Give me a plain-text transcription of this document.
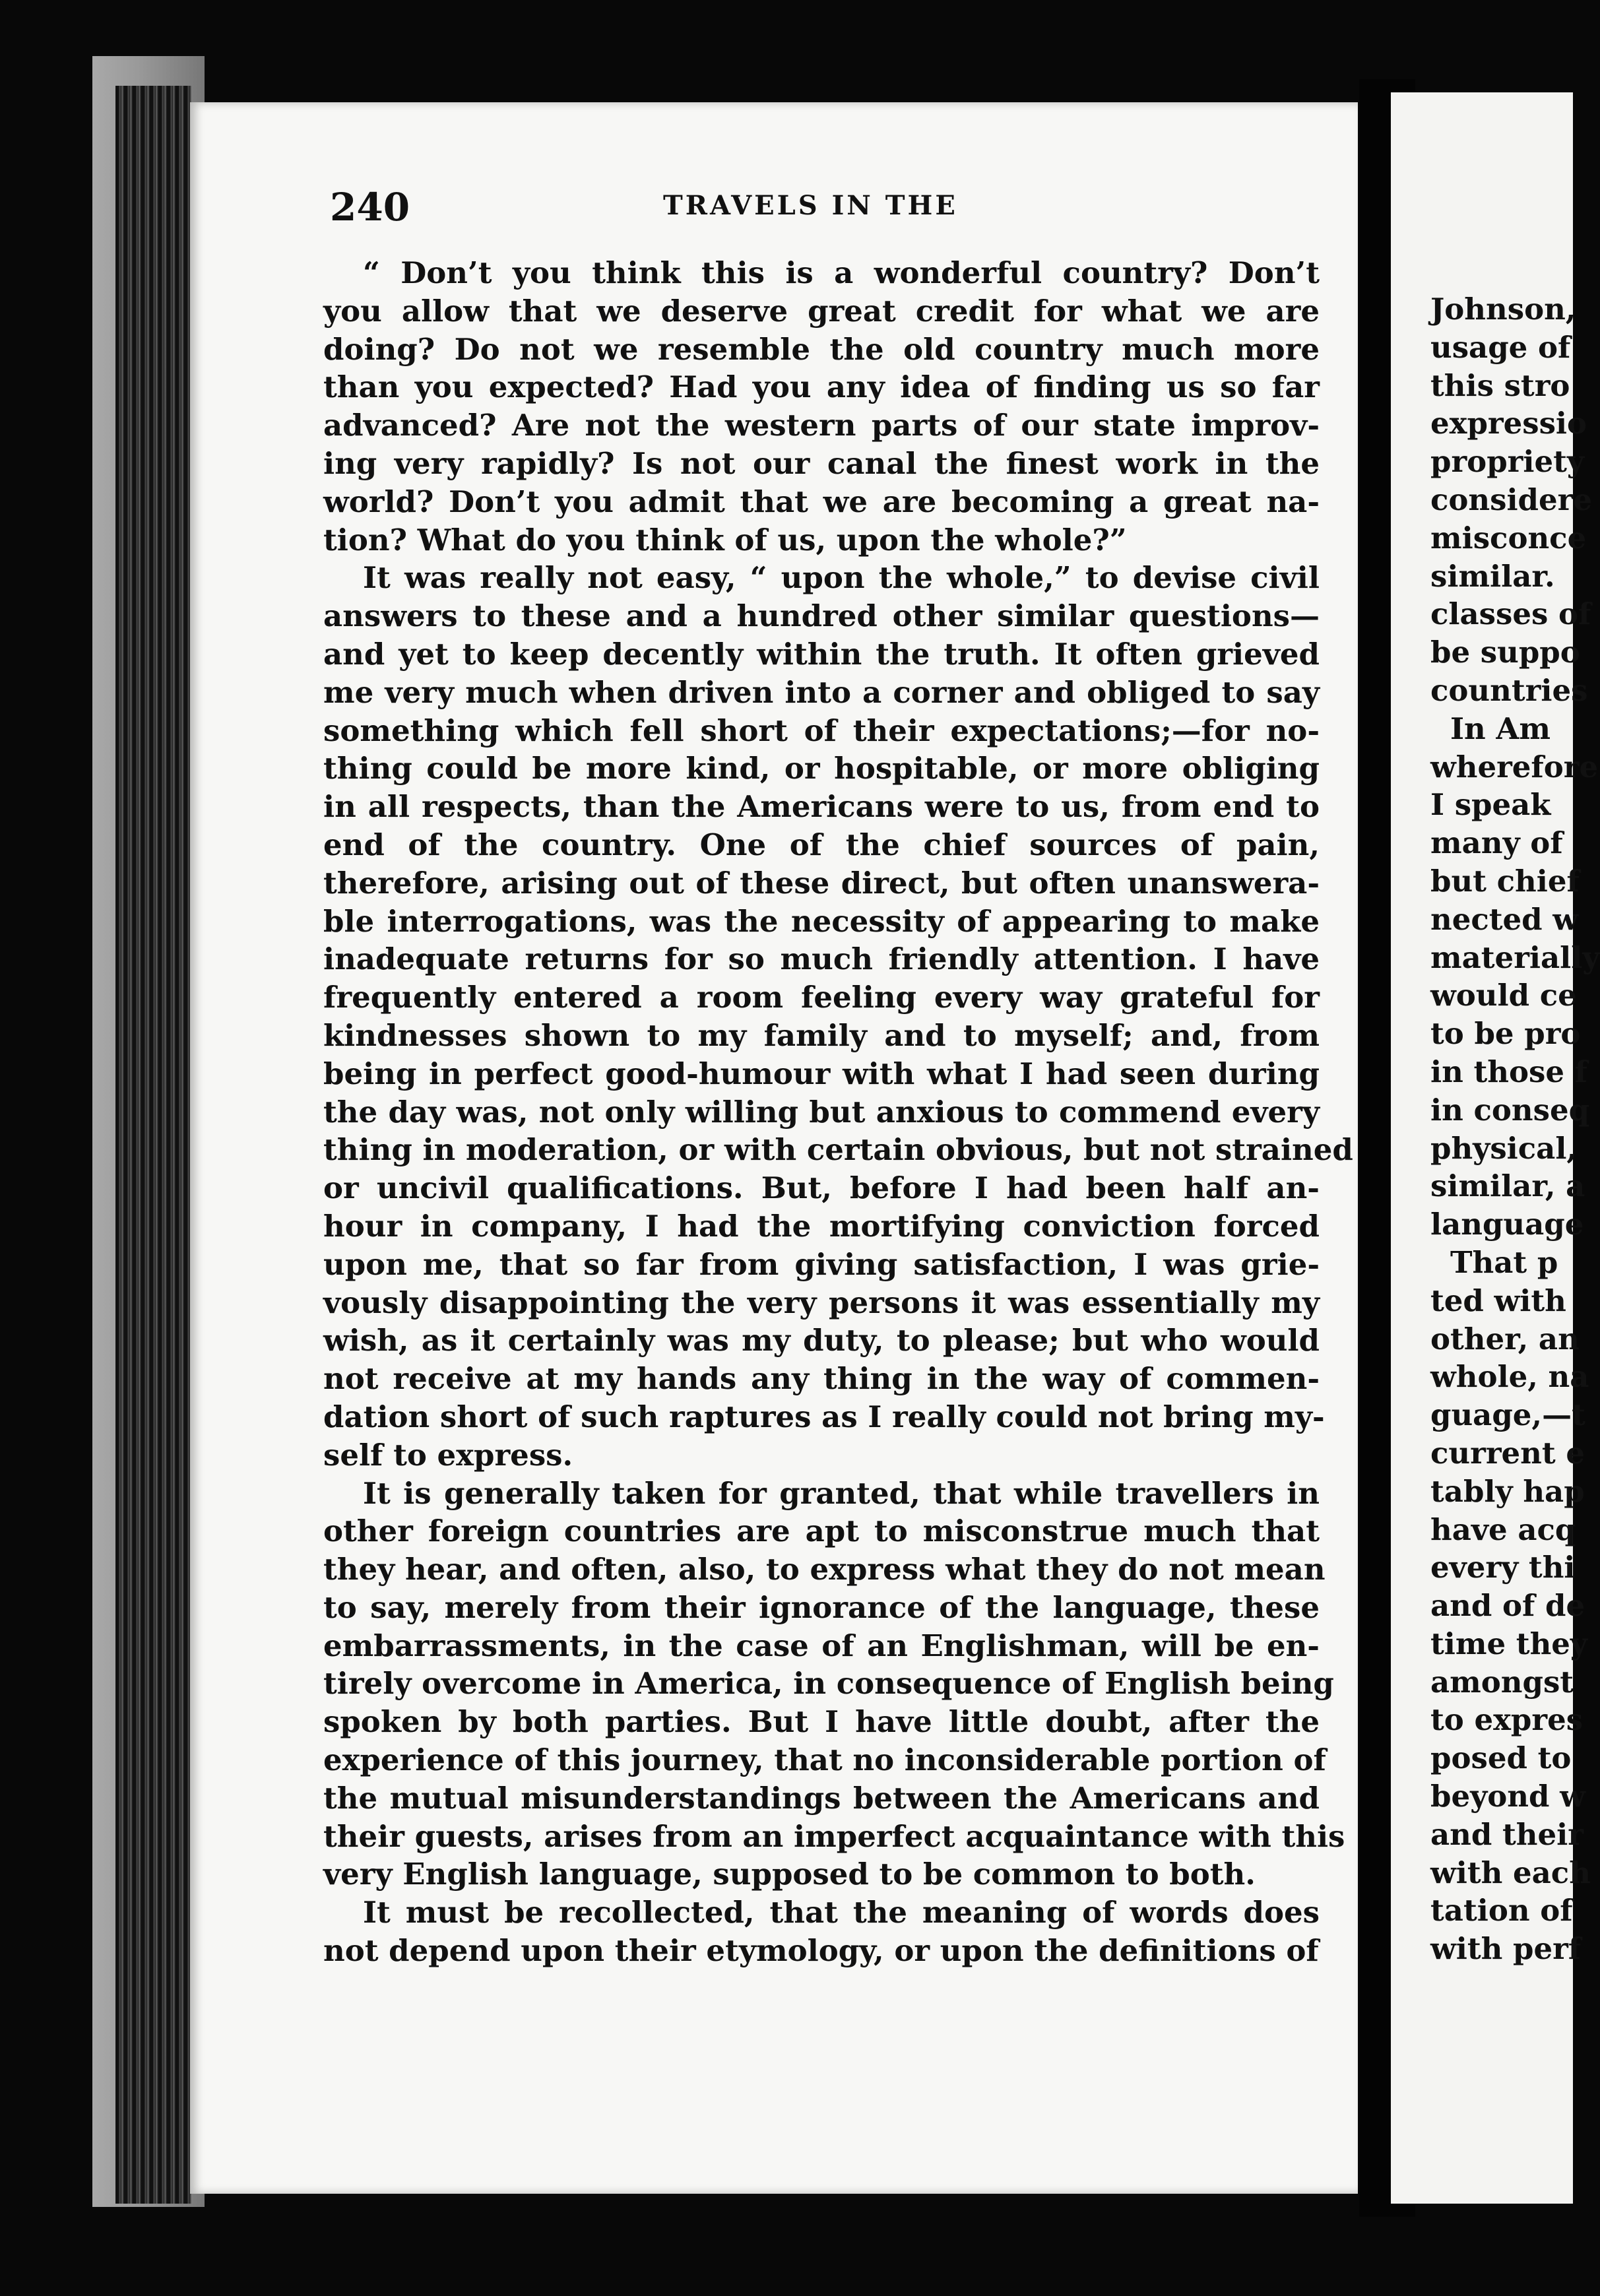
Johnson,
usage of
this stro
expressio
propriety
considere
misconce
similar.
classes of
be suppo
countries
In Am
wherefore
I speak
many of
but chief
nected w
materially
would ce
to be pro
in those f
in conseq
physical,
similar, a
language
That p
ted with
other, an
whole, na
guage,—t
current e
tably hap
have acq
every thi
and of de
time they
amongst
to expres
posed to
beyond w
and their
with each
tation of
with perf
240	TRAVELS IN THE
“ Don’t you think this is a wonderful country? Don’t
you allow that we deserve great credit for what we are
doing? Do not we resemble the old country much more
than you expected? Had you any idea of finding us so far
advanced? Are not the western parts of our state improv-
ing very rapidly? Is not our canal the finest work in the
world? Don’t you admit that we are becoming a great na-
tion? What do you think of us, upon the whole?”
It was really not easy, “ upon the whole,” to devise civil
answers to these and a hundred other similar questions—
and yet to keep decently within the truth. It often grieved
me very much when driven into a corner and obliged to say
something which fell short of their expectations;—for no-
thing could be more kind, or hospitable, or more obliging
in all respects, than the Americans were to us, from end to
end of the country. One of the chief sources of pain,
therefore, arising out of these direct, but often unanswera-
ble interrogations, was the necessity of appearing to make
inadequate returns for so much friendly attention. I have
frequently entered a room feeling every way grateful for
kindnesses shown to my family and to myself; and, from
being in perfect good-humour with what I had seen during
the day was, not only willing but anxious to commend every
thing in moderation, or with certain obvious, but not strained
or uncivil qualifications. But, before I had been half an-
hour in company, I had the mortifying conviction forced
upon me, that so far from giving satisfaction, I was grie-
vously disappointing the very persons it was essentially my
wish, as it certainly was my duty, to please; but who would
not receive at my hands any thing in the way of commen-
dation short of such raptures as I really could not bring my-
self to express.
It is generally taken for granted, that while travellers in
other foreign countries are apt to misconstrue much that
they hear, and often, also, to express what they do not mean
to say, merely from their ignorance of the language, these
embarrassments, in the case of an Englishman, will be en-
tirely overcome in America, in consequence of English being
spoken by both parties. But I have little doubt, after the
experience of this journey, that no inconsiderable portion of
the mutual misunderstandings between the Americans and
their guests, arises from an imperfect acquaintance with this
very English language, supposed to be common to both.
It must be recollected, that the meaning of words does
not depend upon their etymology, or upon the definitions of
